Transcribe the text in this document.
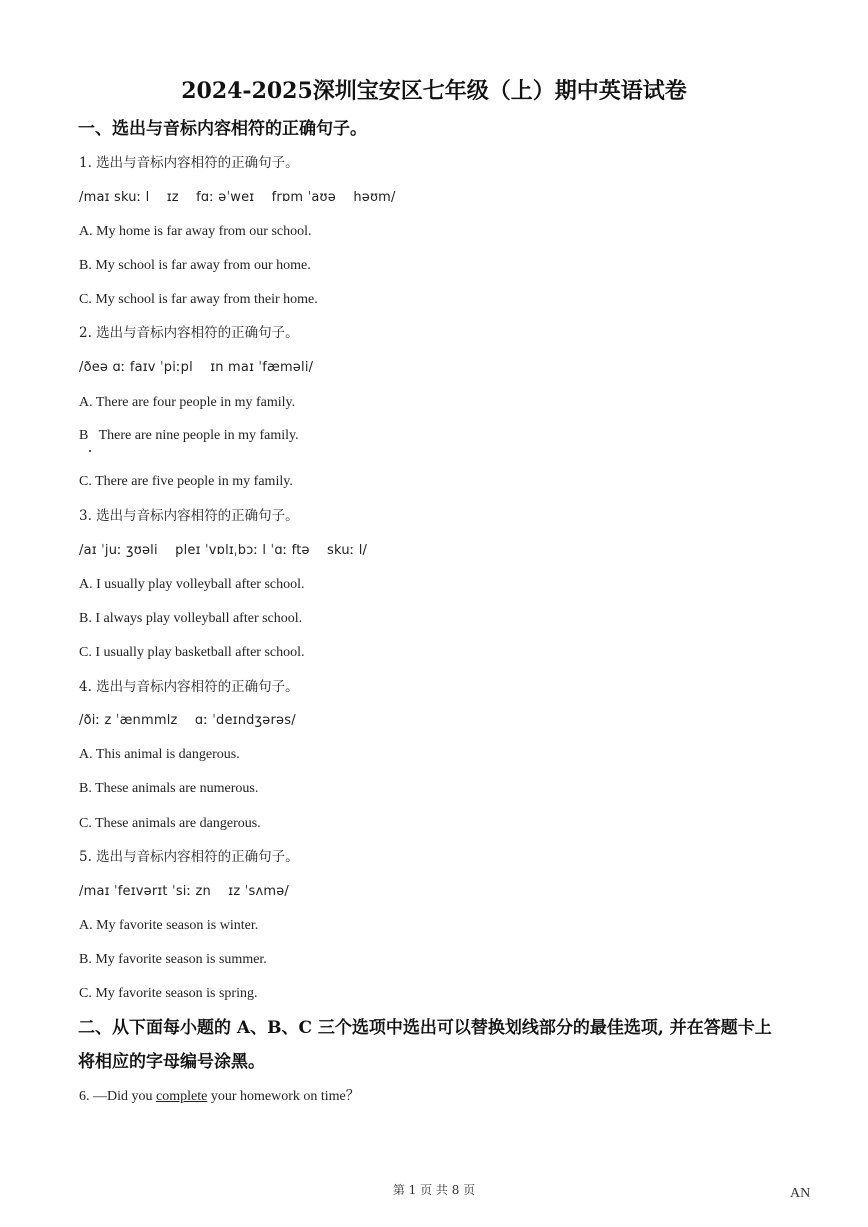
2024-2025深圳宝安区七年级（上）期中英语试卷
一、选出与音标内容相符的正确句子。
1. 选出与音标内容相符的正确句子。
/maɪ skuː l    ɪz    fɑː əˈweɪ    frɒm ˈaʊə    həʊm/
A. My home is far away from our school.
B. My school is far away from our home.
C. My school is far away from their home.
2. 选出与音标内容相符的正确句子。
/ðeə ɑː faɪv ˈpiːpl    ɪn maɪ ˈfæməli/
A. There are four people in my family.
B   There are nine people in my family.
C. There are five people in my family.
3. 选出与音标内容相符的正确句子。
/aɪ ˈjuː ʒʊəli    pleɪ ˈvɒlɪˌbɔː l ˈɑː ftə    skuː l/
A. I usually play volleyball after school.
B. I always play volleyball after school.
C. I usually play basketball after school.
4. 选出与音标内容相符的正确句子。
/ðiː z ˈænmmlz    ɑː ˈdeɪndʒərəs/
A. This animal is dangerous.
B. These animals are numerous.
C. These animals are dangerous.
5. 选出与音标内容相符的正确句子。
/maɪ ˈfeɪvərɪt ˈsiː zn    ɪz ˈsʌmə/
A. My favorite season is winter.
B. My favorite season is summer.
C. My favorite season is spring.
二、从下面每小题的 A、B、C 三个选项中选出可以替换划线部分的最佳选项, 并在答题卡上
将相应的字母编号涂黑。
6. —Did you complete your homework on time？
第 1 页 共 8 页	AN
